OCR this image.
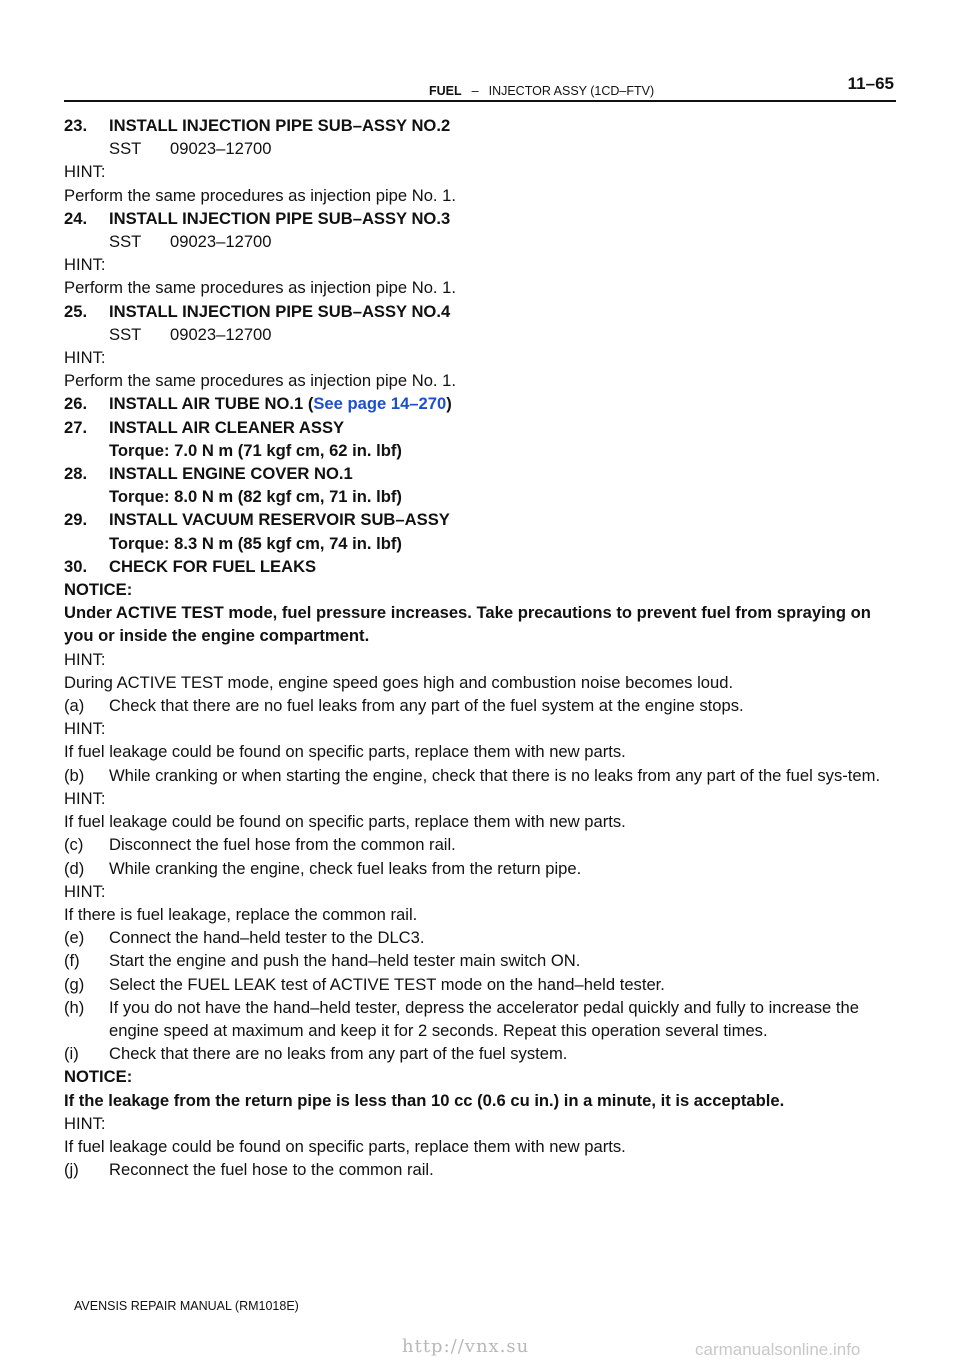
FUEL – INJECTOR ASSY (1CD–FTV)	11–65
23. INSTALL INJECTION PIPE SUB–ASSY NO.2
SST 09023–12700
HINT:
Perform the same procedures as injection pipe No. 1.
24. INSTALL INJECTION PIPE SUB–ASSY NO.3
SST 09023–12700
HINT:
Perform the same procedures as injection pipe No. 1.
25. INSTALL INJECTION PIPE SUB–ASSY NO.4
SST 09023–12700
HINT:
Perform the same procedures as injection pipe No. 1.
26. INSTALL AIR TUBE NO.1 (See page 14–270)
27. INSTALL AIR CLEANER ASSY
Torque: 7.0 N m (71 kgf cm, 62 in. lbf)
28. INSTALL ENGINE COVER NO.1
Torque: 8.0 N m (82 kgf cm, 71 in. lbf)
29. INSTALL VACUUM RESERVOIR SUB–ASSY
Torque: 8.3 N m (85 kgf cm, 74 in. lbf)
30. CHECK FOR FUEL LEAKS
NOTICE:
Under ACTIVE TEST mode, fuel pressure increases. Take precautions to prevent fuel from spraying on you or inside the engine compartment.
HINT:
During ACTIVE TEST mode, engine speed goes high and combustion noise becomes loud.
(a) Check that there are no fuel leaks from any part of the fuel system at the engine stops.
HINT:
If fuel leakage could be found on specific parts, replace them with new parts.
(b) While cranking or when starting the engine, check that there is no leaks from any part of the fuel sys-tem.
HINT:
If fuel leakage could be found on specific parts, replace them with new parts.
(c) Disconnect the fuel hose from the common rail.
(d) While cranking the engine, check fuel leaks from the return pipe.
HINT:
If there is fuel leakage, replace the common rail.
(e) Connect the hand–held tester to the DLC3.
(f) Start the engine and push the hand–held tester main switch ON.
(g) Select the FUEL LEAK test of ACTIVE TEST mode on the hand–held tester.
(h) If you do not have the hand–held tester, depress the accelerator pedal quickly and fully to increase the engine speed at maximum and keep it for 2 seconds. Repeat this operation several times.
(i) Check that there are no leaks from any part of the fuel system.
NOTICE:
If the leakage from the return pipe is less than 10 cc (0.6 cu in.) in a minute, it is acceptable.
HINT:
If fuel leakage could be found on specific parts, replace them with new parts.
(j) Reconnect the fuel hose to the common rail.
AVENSIS REPAIR MANUAL (RM1018E)
http://vnx.su	carmanualsonline.info
